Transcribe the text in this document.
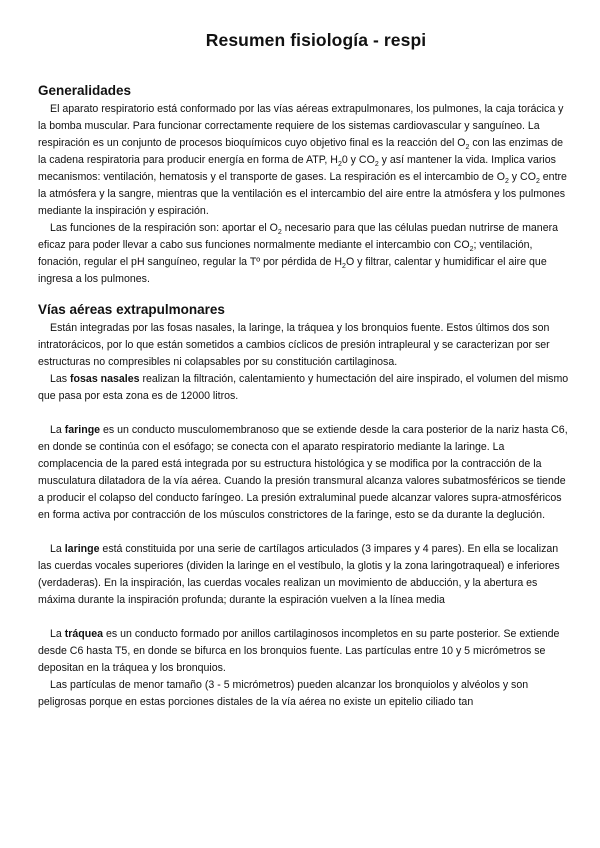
Resumen fisiología - respi
Generalidades

El aparato respiratorio está conformado por las vías aéreas extrapulmonares, los pulmones, la caja torácica y la bomba muscular. Para funcionar correctamente requiere de los sistemas cardiovascular y sanguíneo. La respiración es un conjunto de procesos bioquímicos cuyo objetivo final es la reacción del $O_2$ con las enzimas de la cadena respiratoria para producir energía en forma de ATP, $H_20$ y $CO_2$ y así mantener la vida. Implica varios mecanismos: ventilación, hematosis y el transporte de gases. La respiración es el intercambio de $O_2$ y $CO_2$ entre la atmósfera y la sangre, mientras que la ventilación es el intercambio del aire entre la atmósfera y los pulmones mediante la inspiración y espiración.

Las funciones de la respiración son: aportar el $O_2$ necesario para que las células puedan nutrirse de manera eficaz para poder llevar a cabo sus funciones normalmente mediante el intercambio con $CO_2$; ventilación, fonación, regular el pH sanguíneo, regular la Tº por pérdida de $H_2O$ y filtrar, calentar y humidificar el aire que ingresa a los pulmones.

Vías aéreas extrapulmonares

Están integradas por las fosas nasales, la laringe, la tráquea y los bronquios fuente. Estos últimos dos son intratorácicos, por lo que están sometidos a cambios cíclicos de presión intrapleural y se caracterizan por ser estructuras no compresibles ni colapsables por su constitución cartilaginosa.

Las fosas nasales realizan la filtración, calentamiento y humectación del aire inspirado, el volumen del mismo que pasa por esta zona es de 12000 litros.

La faringe es un conducto musculomembranoso que se extiende desde la cara posterior de la nariz hasta C6, en donde se continúa con el esófago; se conecta con el aparato respiratorio mediante la laringe. La complacencia de la pared está integrada por su estructura histológica y se modifica por la contracción de la musculatura dilatadora de la vía aérea. Cuando la presión transmural alcanza valores subatmosféricos se tiende a producir el colapso del conducto faríngeo. La presión extraluminal puede alcanzar valores supra-atmosféricos en forma activa por contracción de los músculos constrictores de la faringe, esto se da durante la deglución.

La laringe está constituida por una serie de cartílagos articulados (3 impares y 4 pares). En ella se localizan las cuerdas vocales superiores (dividen la laringe en el vestíbulo, la glotis y la zona laringotraqueal) e inferiores (verdaderas). En la inspiración, las cuerdas vocales realizan un movimiento de abducción, y la abertura es máxima durante la inspiración profunda; durante la espiración vuelven a la línea media

La tráquea es un conducto formado por anillos cartilaginosos incompletos en su parte posterior. Se extiende desde C6 hasta T5, en donde se bifurca en los bronquios fuente. Las partículas entre 10 y 5 micrómetros se depositan en la tráquea y los bronquios.

Las partículas de menor tamaño (3 - 5 micrómetros) pueden alcanzar los bronquiolos y alvéolos y son peligrosas porque en estas porciones distales de la vía aérea no existe un epitelio ciliado tan
